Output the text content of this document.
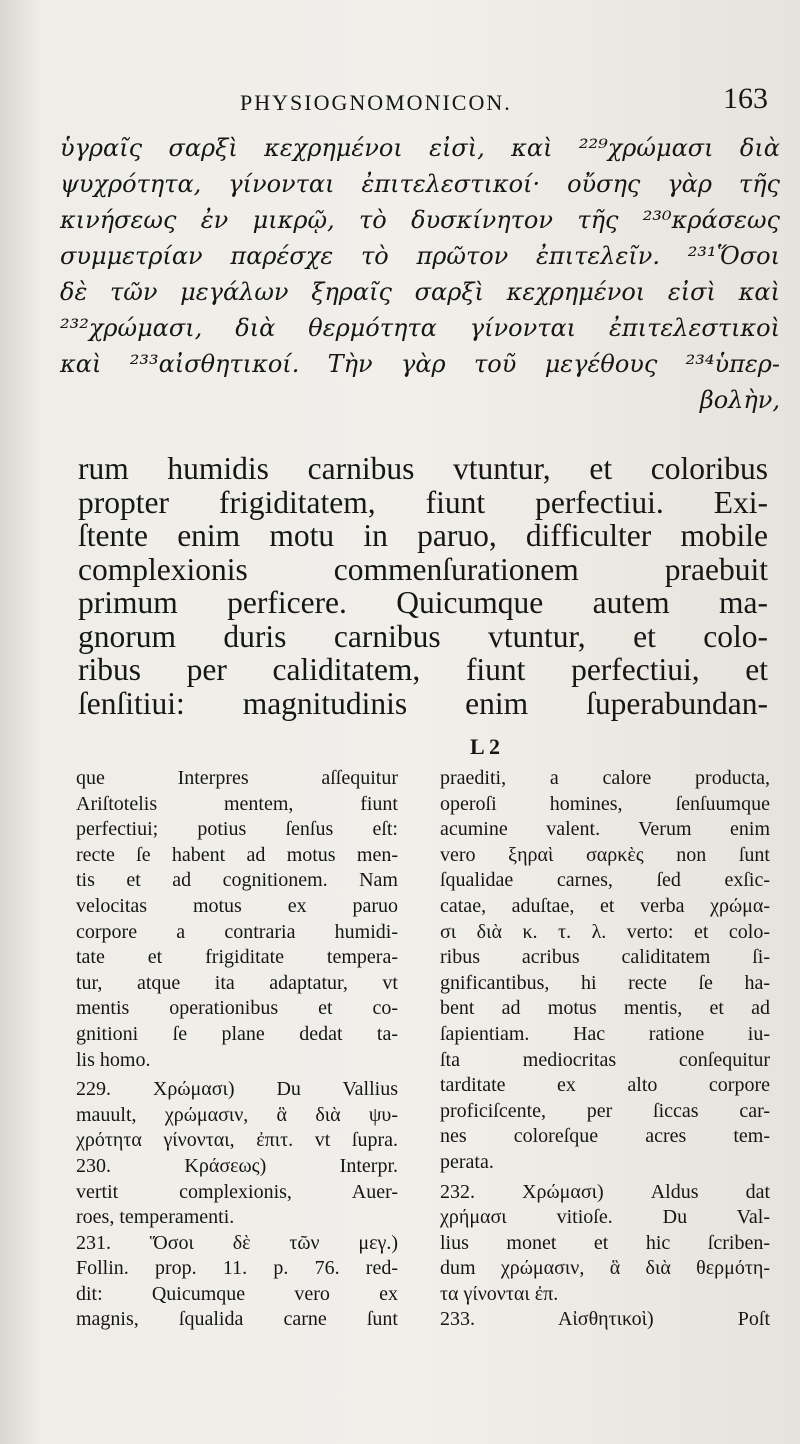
PHYSIOGNOMONICON.	163
ὑγραῖς σαρξὶ κεχρημένοι εἰσὶ, καὶ ²²⁹χρώμασι διὰ
ψυχρότητα, γίνονται ἐπιτελεστικοί· οὔσης γὰρ τῆς
κινήσεως ἐν μικρῷ, τὸ δυσκίνητον τῆς ²³⁰κράσεως
συμμετρίαν παρέσχε τὸ πρῶτον ἐπιτελεῖν. ²³¹Ὅσοι
δὲ τῶν μεγάλων ξηραῖς σαρξὶ κεχρημένοι εἰσὶ καὶ
²³²χρώμασι, διὰ θερμότητα γίνονται ἐπιτελεστικοὶ
καὶ ²³³αἰσθητικοί. Τὴν γὰρ τοῦ μεγέθους ²³⁴ὑπερ-
βολὴν,
rum humidis carnibus vtuntur, et coloribus
propter frigiditatem, fiunt perfectiui. Exi-
ſtente enim motu in paruo, difficulter mobile
complexionis commenſurationem praebuit
primum perficere. Quicumque autem ma-
gnorum duris carnibus vtuntur, et colo-
ribus per caliditatem, fiunt perfectiui, et
ſenſitiui: magnitudinis enim ſuperabundan-
L 2
que Interpres aſſequitur
Ariſtotelis mentem, fiunt
perfectiui; potius ſenſus eſt:
recte ſe habent ad motus men-
tis et ad cognitionem. Nam
velocitas motus ex paruo
corpore a contraria humidi-
tate et frigiditate tempera-
tur, atque ita adaptatur, vt
mentis operationibus et co-
gnitioni ſe plane dedat ta-
lis homo.
229. Χρώμασι) Du Vallius
mauult, χρώμασιν, ἃ διὰ ψυ-
χρότητα γίνονται, ἐπιτ. vt ſupra.
230. Κράσεως) Interpr.
vertit complexionis, Auer-
roes, temperamenti.
231. Ὅσοι δὲ τῶν μεγ.)
Follin. prop. 11. p. 76. red-
dit: Quicumque vero ex
magnis, ſqualida carne ſunt
praediti, a calore producta,
operoſi homines, ſenſuumque
acumine valent. Verum enim
vero ξηραὶ σαρκὲς non ſunt
ſqualidae carnes, ſed exſic-
catae, aduſtae, et verba χρώμα-
σι διὰ κ. τ. λ. verto: et colo-
ribus acribus caliditatem ſi-
gnificantibus, hi recte ſe ha-
bent ad motus mentis, et ad
ſapientiam. Hac ratione iu-
ſta mediocritas conſequitur
tarditate ex alto corpore
proficiſcente, per ſiccas car-
nes coloreſque acres tem-
perata.
232. Χρώμασι) Aldus dat
χρήμασι vitioſe. Du Val-
lius monet et hic ſcriben-
dum χρώμασιν, ἃ διὰ θερμότη-
τα γίνονται ἐπ.
233. Αἰσθητικοὶ) Poſt
